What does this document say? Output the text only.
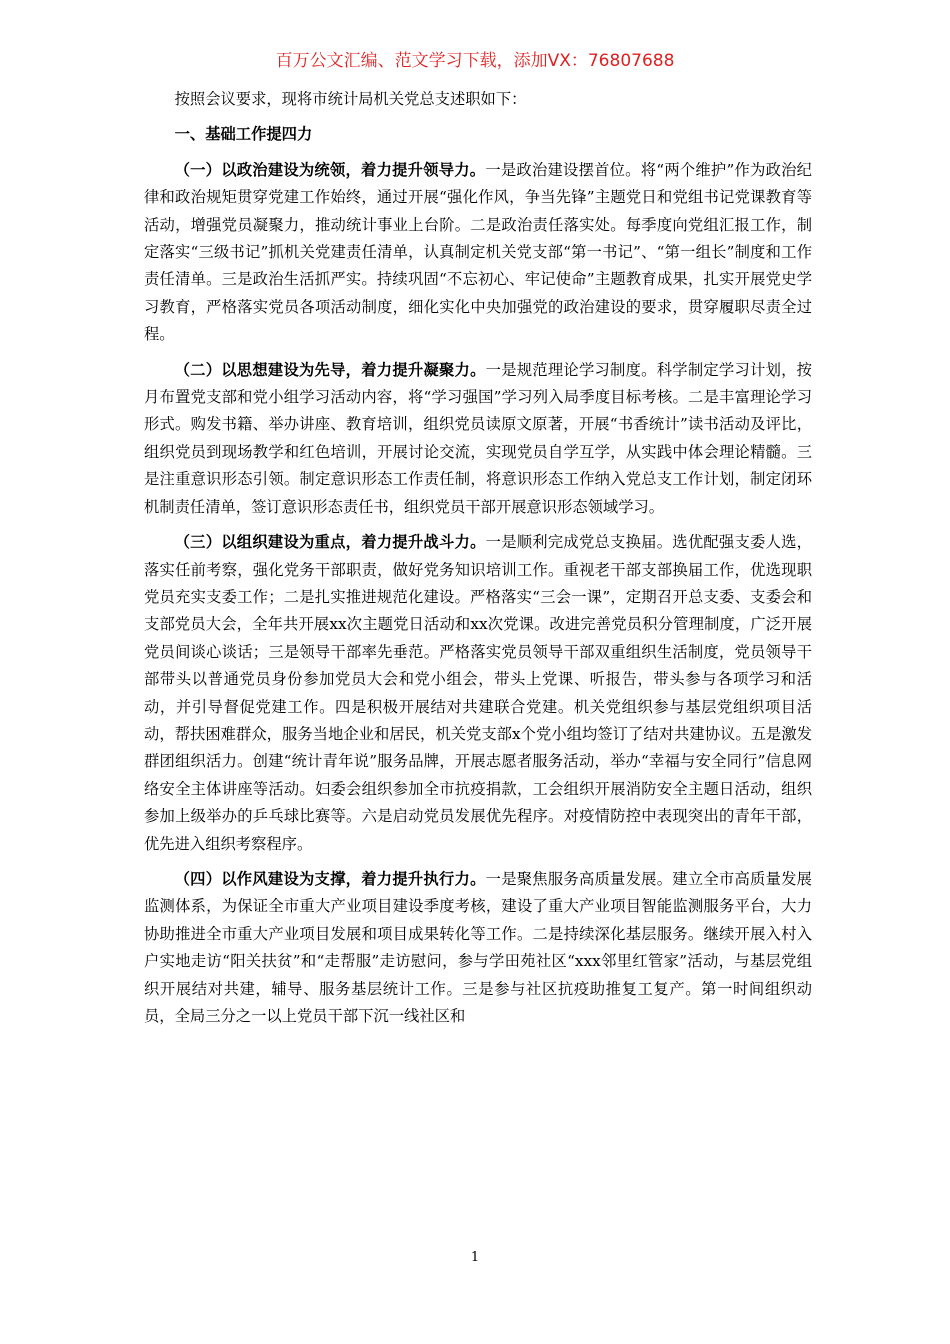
百万公文汇编、范文学习下载，添加VX：76807688

按照会议要求，现将市统计局机关党总支述职如下：

一、基础工作提四力

（一）以政治建设为统领，着力提升领导力。一是政治建设摆首位。将“两个维护”作为政治纪律和政治规矩贯穿党建工作始终，通过开展“强化作风，争当先锋”主题党日和党组书记党课教育等活动，增强党员凝聚力，推动统计事业上台阶。二是政治责任落实处。每季度向党组汇报工作，制定落实“三级书记”抓机关党建责任清单，认真制定机关党支部“第一书记”、“第一组长”制度和工作责任清单。三是政治生活抓严实。持续巩固“不忘初心、牢记使命”主题教育成果，扎实开展党史学习教育，严格落实党员各项活动制度，细化实化中央加强党的政治建设的要求，贯穿履职尽责全过程。

（二）以思想建设为先导，着力提升凝聚力。一是规范理论学习制度。科学制定学习计划，按月布置党支部和党小组学习活动内容，将“学习强国”学习列入局季度目标考核。二是丰富理论学习形式。购发书籍、举办讲座、教育培训，组织党员读原文原著，开展“书香统计”读书活动及评比，组织党员到现场教学和红色培训，开展讨论交流，实现党员自学互学，从实践中体会理论精髓。三是注重意识形态引领。制定意识形态工作责任制，将意识形态工作纳入党总支工作计划，制定闭环机制责任清单，签订意识形态责任书，组织党员干部开展意识形态领域学习。

（三）以组织建设为重点，着力提升战斗力。一是顺利完成党总支换届。选优配强支委人选，落实任前考察，强化党务干部职责，做好党务知识培训工作。重视老干部支部换届工作，优选现职党员充实支委工作；二是扎实推进规范化建设。严格落实“三会一课”，定期召开总支委、支委会和支部党员大会，全年共开展xx次主题党日活动和xx次党课。改进完善党员积分管理制度，广泛开展党员间谈心谈话；三是领导干部率先垂范。严格落实党员领导干部双重组织生活制度，党员领导干部带头以普通党员身份参加党员大会和党小组会，带头上党课、听报告，带头参与各项学习和活动，并引导督促党建工作。四是积极开展结对共建联合党建。机关党组织参与基层党组织项目活动，帮扶困难群众，服务当地企业和居民，机关党支部x个党小组均签订了结对共建协议。五是激发群团组织活力。创建“统计青年说”服务品牌，开展志愿者服务活动，举办“幸福与安全同行”信息网络安全主体讲座等活动。妇委会组织参加全市抗疫捐款，工会组织开展消防安全主题日活动，组织参加上级举办的乒乓球比赛等。六是启动党员发展优先程序。对疫情防控中表现突出的青年干部，优先进入组织考察程序。

（四）以作风建设为支撑，着力提升执行力。一是聚焦服务高质量发展。建立全市高质量发展监测体系，为保证全市重大产业项目建设季度考核，建设了重大产业项目智能监测服务平台，大力协助推进全市重大产业项目发展和项目成果转化等工作。二是持续深化基层服务。继续开展入村入户实地走访“阳关扶贫”和“走帮服”走访慰问，参与学田苑社区“xxx邻里红管家”活动，与基层党组织开展结对共建，辅导、服务基层统计工作。三是参与社区抗疫助推复工复产。第一时间组织动员，全局三分之一以上党员干部下沉一线社区和

1
